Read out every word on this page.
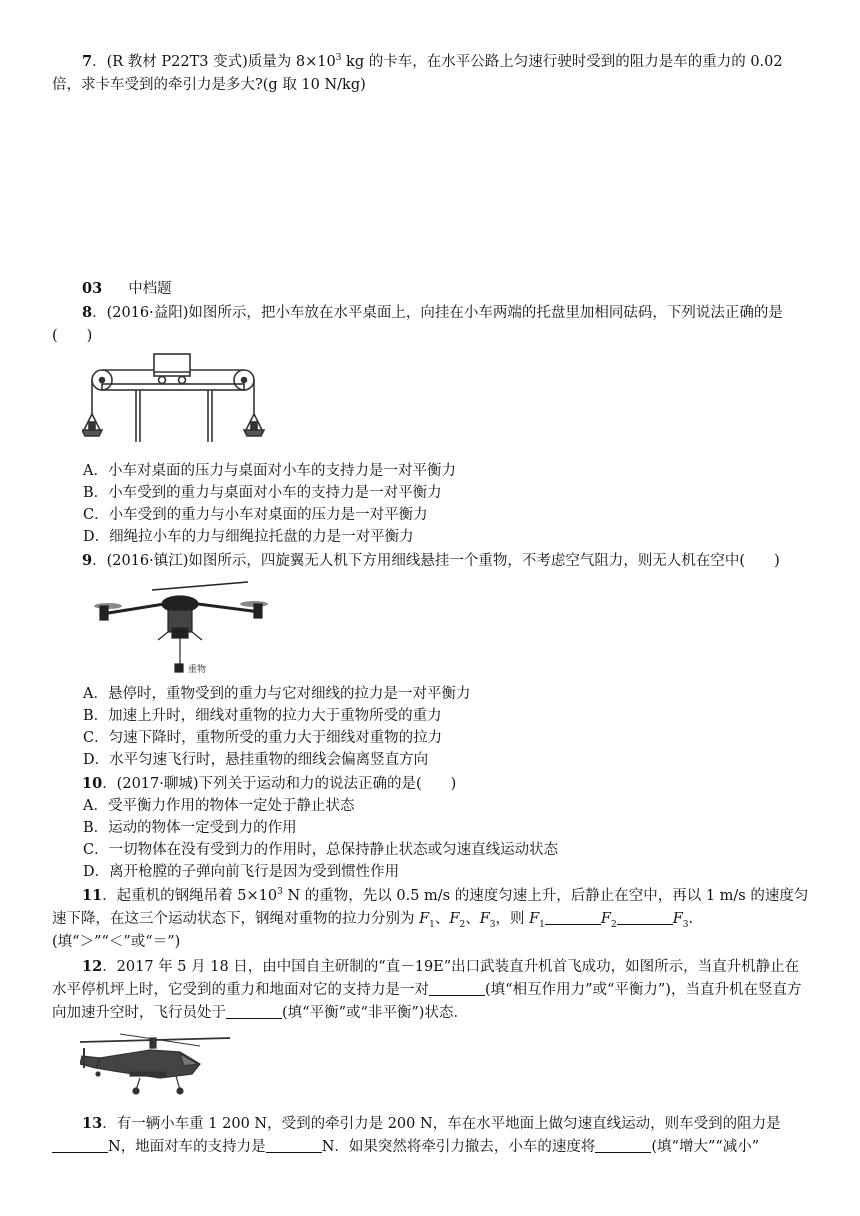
7．(R 教材 P22T3 变式)质量为 $8\times 10^3$ kg 的卡车，在水平公路上匀速行驶时受到的阻力是车的重力的 0.02 倍，求卡车受到的牵引力是多大?(g 取 10 N/kg)

03 中档题

8．(2016·益阳)如图所示，把小车放在水平桌面上，向挂在小车两端的托盘里加相同砝码，下列说法正确的是(　　)

A．小车对桌面的压力与桌面对小车的支持力是一对平衡力

B．小车受到的重力与桌面对小车的支持力是一对平衡力

C．小车受到的重力与小车对桌面的压力是一对平衡力

D．细绳拉小车的力与细绳拉托盘的力是一对平衡力

9．(2016·镇江)如图所示，四旋翼无人机下方用细线悬挂一个重物，不考虑空气阻力，则无人机在空中(　　)

重物

A．悬停时，重物受到的重力与它对细线的拉力是一对平衡力

B．加速上升时，细线对重物的拉力大于重物所受的重力

C．匀速下降时，重物所受的重力大于细线对重物的拉力

D．水平匀速飞行时，悬挂重物的细线会偏离竖直方向

10．(2017·聊城)下列关于运动和力的说法正确的是(　　)

A．受平衡力作用的物体一定处于静止状态

B．运动的物体一定受到力的作用

C．一切物体在没有受到力的作用时，总保持静止状态或匀速直线运动状态

D．离开枪膛的子弹向前飞行是因为受到惯性作用

11．起重机的钢绳吊着 $5\times 10^3$ N 的重物，先以 0.5 m/s 的速度匀速上升，后静止在空中，再以 1 m/s 的速度匀速下降，在这三个运动状态下，钢绳对重物的拉力分别为 $F_1$、$F_2$、$F_3$，则 $F_1$	$F_2$	$F_3$.(填“＞”“＜”或“＝”)

12．2017 年 5 月 18 日，由中国自主研制的“直－19E”出口武装直升机首飞成功，如图所示，当直升机静止在水平停机坪上时，它受到的重力和地面对它的支持力是一对	(填“相互作用力”或“平衡力”)，当直升机在竖直方向加速升空时，飞行员处于	(填“平衡”或“非平衡”)状态．

13．有一辆小车重 1 200 N，受到的牵引力是 200 N，车在水平地面上做匀速直线运动，则车受到的阻力是N，地面对车的支持力是	N．如果突然将牵引力撤去，小车的速度将	(填“增大”“减小”
